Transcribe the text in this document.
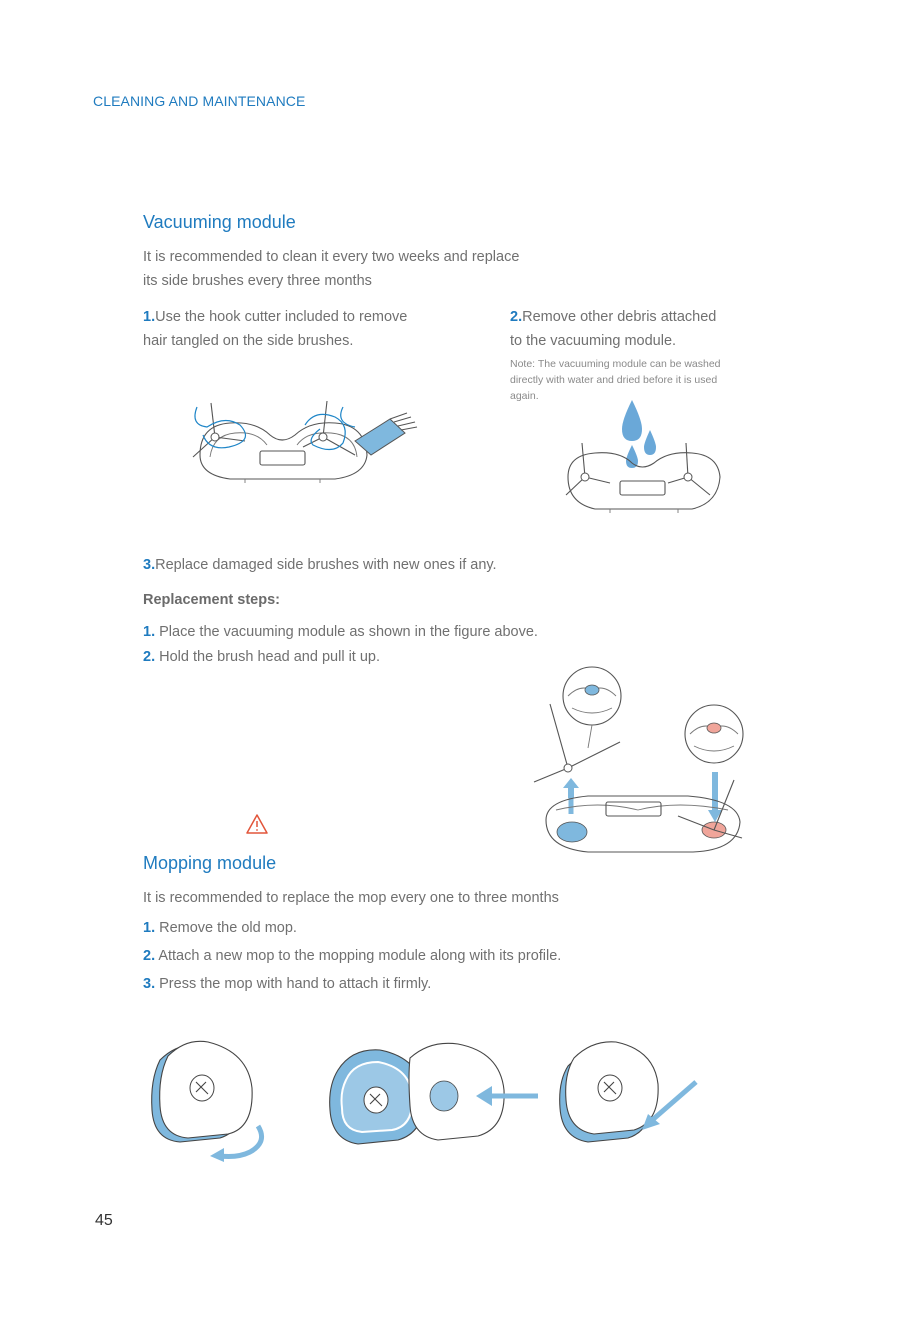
CLEANING AND MAINTENANCE
Vacuuming module
It is recommended to clean it every two weeks and replace
its side brushes every three months
1.Use the hook cutter included to remove
hair tangled on the side brushes.
2.Remove other debris attached
to the vacuuming module.
Note: The vacuuming module can be washed
directly with water and dried before it is used
again.
3.Replace damaged side brushes with new ones if any.
Replacement steps:
1. Place the vacuuming module as shown in the figure above.
2. Hold the brush head and pull it up.
Mopping module
It is recommended to replace the mop every one to three months
1. Remove the old mop.
2. Attach a new mop to the mopping module along with its profile.
3. Press the mop with hand to attach it firmly.
45
